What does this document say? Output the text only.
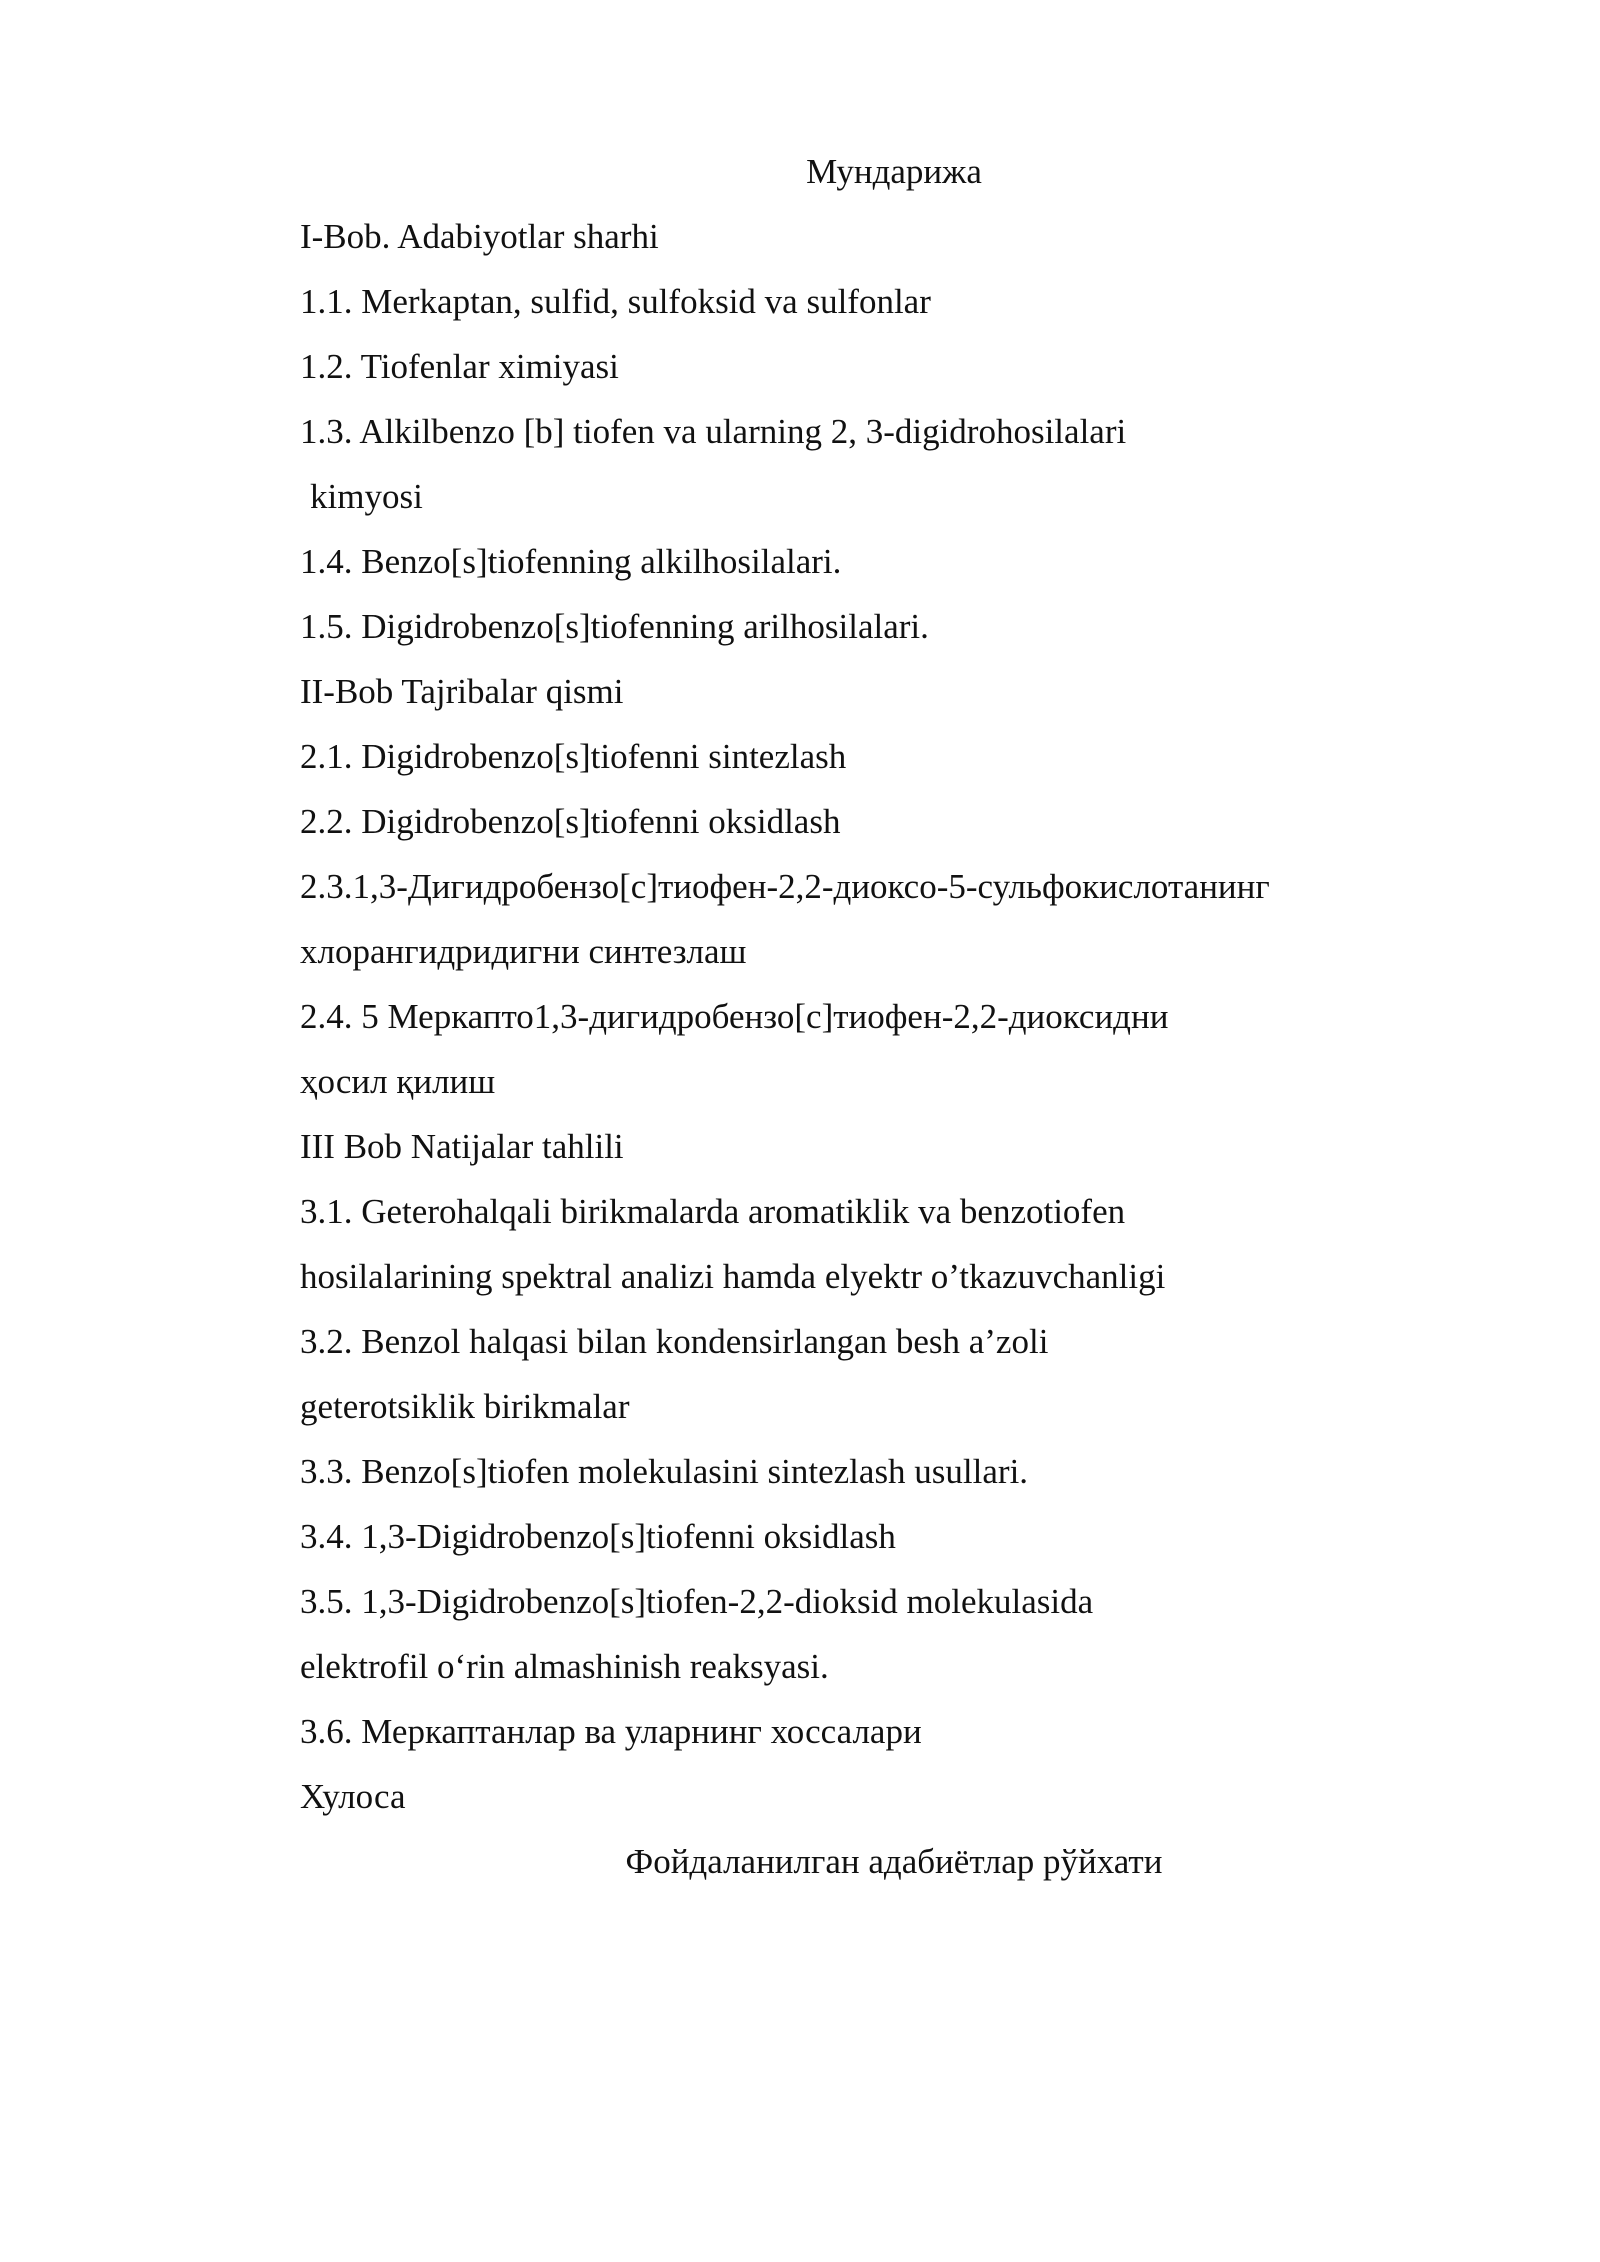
Мундарижа
I-Bob. Adabiyotlar sharhi
1.1. Merkaptan, sulfid, sulfoksid va sulfonlar
1.2. Tiofenlar ximiyasi
1.3. Alkilbenzo [b] tiofen va ularning 2, 3-digidrohosilalari
kimyosi
1.4. Benzo[s]tiofenning alkilhosilalari.
1.5. Digidrobenzo[s]tiofenning arilhosilalari.
II-Bob Tajribalar qismi
2.1. Digidrobenzo[s]tiofenni sintezlash
2.2. Digidrobenzo[s]tiofenni oksidlash
2.3.1,3-Дигидробензо[с]тиофен-2,2-диоксо-5-сульфокислотанинг
хлорангидридигни синтезлаш
2.4. 5 Меркапто1,3-дигидробензо[с]тиофен-2,2-диоксидни
ҳосил қилиш
III Bob Natijalar tahlili
3.1. Geterohalqali birikmalarda aromatiklik va benzotiofen
hosilalarining spektral analizi hamda elyektr o’tkazuvchanligi
3.2. Benzol halqasi bilan kondensirlangan besh a’zoli
geterotsiklik birikmalar
3.3. Benzo[s]tiofen molekulasini sintezlash usullari.
3.4. 1,3-Digidrobenzo[s]tiofenni oksidlash
3.5. 1,3-Digidrobenzo[s]tiofen-2,2-dioksid molekulasida
elektrofil o‘rin almashinish reaksyasi.
3.6. Меркаптанлар ва уларнинг хоссалари
Хулоса
Фойдаланилган адабиётлар рўйхати
